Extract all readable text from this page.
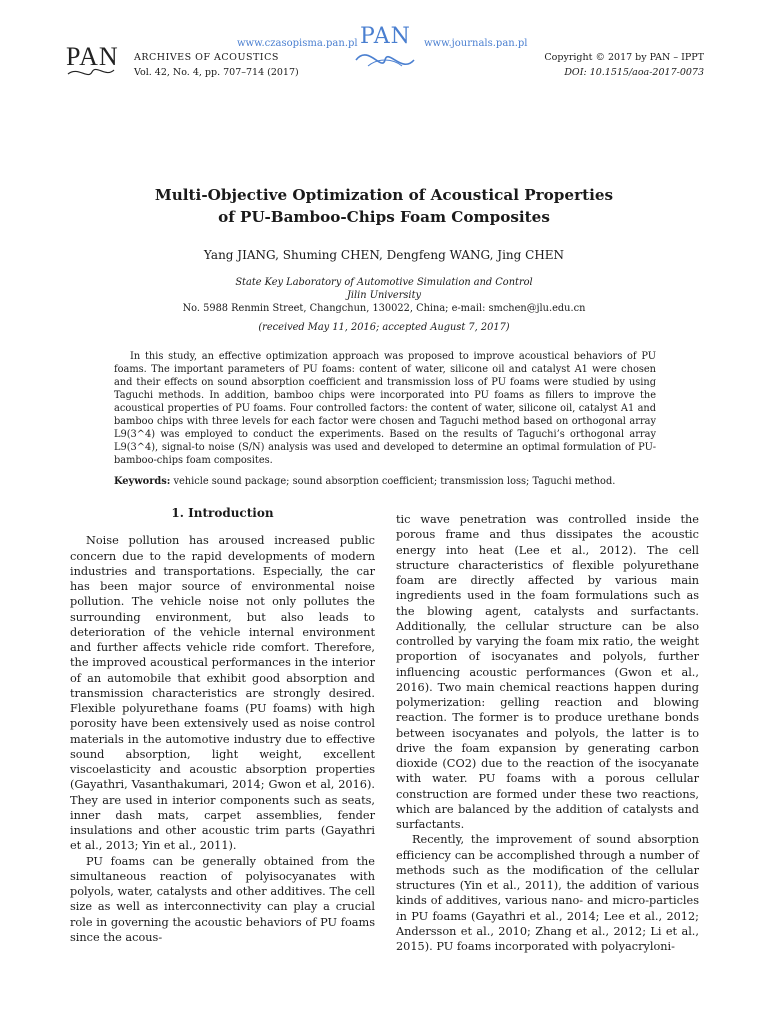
www.czasopisma.pan.pl PAN www.journals.pan.pl
PAN ARCHIVES OF ACOUSTICS
Vol. 42, No. 4, pp. 707–714 (2017)
Copyright © 2017 by PAN – IPPT
DOI: 10.1515/aoa-2017-0073
Multi-Objective Optimization of Acoustical Properties
of PU-Bamboo-Chips Foam Composites
Yang JIANG, Shuming CHEN, Dengfeng WANG, Jing CHEN
State Key Laboratory of Automotive Simulation and Control
Jilin University
No. 5988 Renmin Street, Changchun, 130022, China; e-mail: smchen@jlu.edu.cn
(received May 11, 2016; accepted August 7, 2017)

In this study, an effective optimization approach was proposed to improve acoustical behaviors of PU foams. The important parameters of PU foams: content of water, silicone oil and catalyst A1 were chosen and their effects on sound absorption coefficient and transmission loss of PU foams were studied by using Taguchi methods. In addition, bamboo chips were incorporated into PU foams as fillers to improve the acoustical properties of PU foams. Four controlled factors: the content of water, silicone oil, catalyst A1 and bamboo chips with three levels for each factor were chosen and Taguchi method based on orthogonal array L9(3^4) was employed to conduct the experiments. Based on the results of Taguchi’s orthogonal array L9(3^4), signal-to noise (S/N) analysis was used and developed to determine an optimal formulation of PU-bamboo-chips foam composites.

Keywords: vehicle sound package; sound absorption coefficient; transmission loss; Taguchi method.
1. Introduction

Noise pollution has aroused increased public concern due to the rapid developments of modern industries and transportations. Especially, the car has been major source of environmental noise pollution. The vehicle noise not only pollutes the surrounding environment, but also leads to deterioration of the vehicle internal environment and further affects vehicle ride comfort. Therefore, the improved acoustical performances in the interior of an automobile that exhibit good absorption and transmission characteristics are strongly desired. Flexible polyurethane foams (PU foams) with high porosity have been extensively used as noise control materials in the automotive industry due to effective sound absorption, light weight, excellent viscoelasticity and acoustic absorption properties (Gayathri, Vasanthakumari, 2014; Gwon et al, 2016). They are used in interior components such as seats, inner dash mats, carpet assemblies, fender insulations and other acoustic trim parts (Gayathri et al., 2013; Yin et al., 2011).

PU foams can be generally obtained from the simultaneous reaction of polyisocyanates with polyols, water, catalysts and other additives. The cell size as well as interconnectivity can play a crucial role in governing the acoustic behaviors of PU foams since the acous-

tic wave penetration was controlled inside the porous frame and thus dissipates the acoustic energy into heat (Lee et al., 2012). The cell structure characteristics of flexible polyurethane foam are directly affected by various main ingredients used in the foam formulations such as the blowing agent, catalysts and surfactants. Additionally, the cellular structure can be also controlled by varying the foam mix ratio, the weight proportion of isocyanates and polyols, further influencing acoustic performances (Gwon et al., 2016). Two main chemical reactions happen during polymerization: gelling reaction and blowing reaction. The former is to produce urethane bonds between isocyanates and polyols, the latter is to drive the foam expansion by generating carbon dioxide (CO2) due to the reaction of the isocyanate with water. PU foams with a porous cellular construction are formed under these two reactions, which are balanced by the addition of catalysts and surfactants.

Recently, the improvement of sound absorption efficiency can be accomplished through a number of methods such as the modification of the cellular structures (Yin et al., 2011), the addition of various kinds of additives, various nano- and micro-particles in PU foams (Gayathri et al., 2014; Lee et al., 2012; Andersson et al., 2010; Zhang et al., 2012; Li et al., 2015). PU foams incorporated with polyacryloni-
